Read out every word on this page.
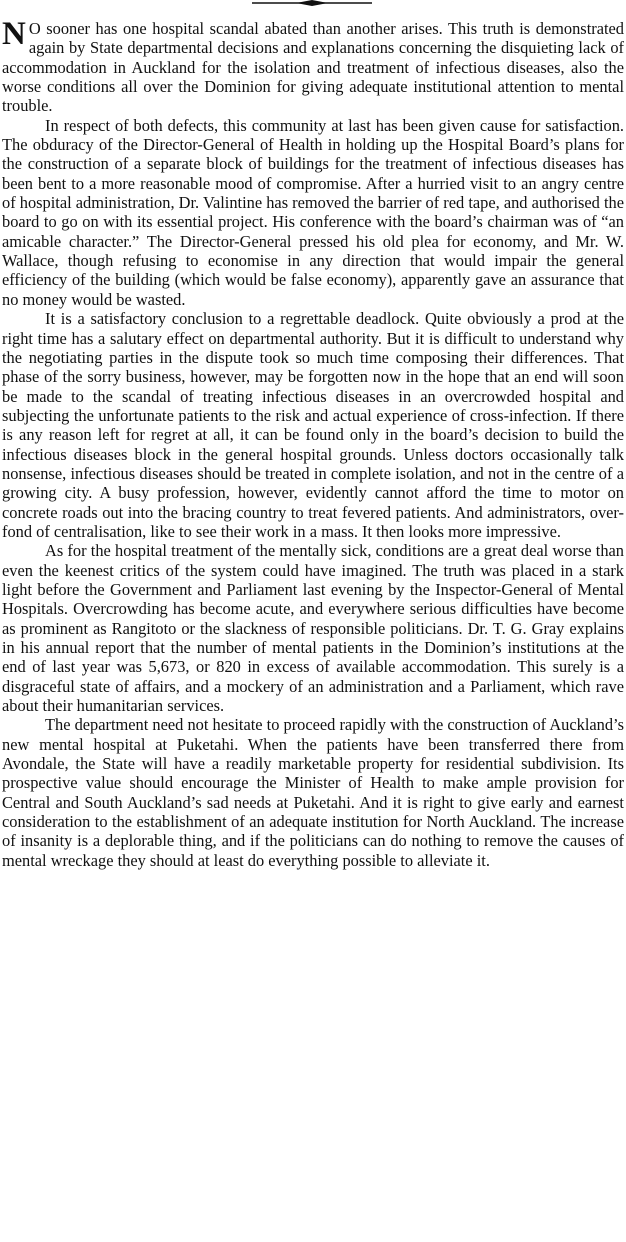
N O sooner has one hospital scandal abated than another arises. This truth is demonstrated again by State departmental decisions and explanations concerning the disquieting lack of accommodation in Auckland for the isolation and treatment of infectious diseases, also the worse conditions all over the Dominion for giving adequate institutional attention to mental trouble.

In respect of both defects, this community at last has been given cause for satisfaction. The obduracy of the Director-General of Health in holding up the Hospital Board’s plans for the construction of a separate block of buildings for the treatment of infectious diseases has been bent to a more reasonable mood of compromise. After a hurried visit to an angry centre of hospital administration, Dr. Valintine has removed the barrier of red tape, and authorised the board to go on with its essential project. His conference with the board’s chairman was of “an amicable character.” The Director-General pressed his old plea for economy, and Mr. W. Wallace, though refusing to economise in any direction that would impair the general efficiency of the building (which would be false economy), apparently gave an assurance that no money would be wasted.

It is a satisfactory conclusion to a regrettable deadlock. Quite obviously a prod at the right time has a salutary effect on departmental authority. But it is difficult to understand why the negotiating parties in the dispute took so much time composing their differences. That phase of the sorry business, however, may be forgotten now in the hope that an end will soon be made to the scandal of treating infectious diseases in an overcrowded hospital and subjecting the unfortunate patients to the risk and actual experience of cross-infection. If there is any reason left for regret at all, it can be found only in the board’s decision to build the infectious diseases block in the general hospital grounds. Unless doctors occasionally talk nonsense, infectious diseases should be treated in complete isolation, and not in the centre of a growing city. A busy profession, however, evidently cannot afford the time to motor on concrete roads out into the bracing country to treat fevered patients. And administrators, over-fond of centralisation, like to see their work in a mass. It then looks more impressive.

As for the hospital treatment of the mentally sick, conditions are a great deal worse than even the keenest critics of the system could have imagined. The truth was placed in a stark light before the Government and Parliament last evening by the Inspector-General of Mental Hospitals. Overcrowding has become acute, and everywhere serious difficulties have become as prominent as Rangitoto or the slackness of responsible politicians. Dr. T. G. Gray explains in his annual report that the number of mental patients in the Dominion’s institutions at the end of last year was 5,673, or 820 in excess of available accommodation. This surely is a disgraceful state of affairs, and a mockery of an administration and a Parliament, which rave about their humanitarian services.

The department need not hesitate to proceed rapidly with the construction of Auckland’s new mental hospital at Puketahi. When the patients have been transferred there from Avondale, the State will have a readily marketable property for residential subdivision. Its prospective value should encourage the Minister of Health to make ample provision for Central and South Auckland’s sad needs at Puketahi. And it is right to give early and earnest consideration to the establishment of an adequate institution for North Auckland. The increase of insanity is a deplorable thing, and if the politicians can do nothing to remove the causes of mental wreckage they should at least do everything possible to alleviate it.
